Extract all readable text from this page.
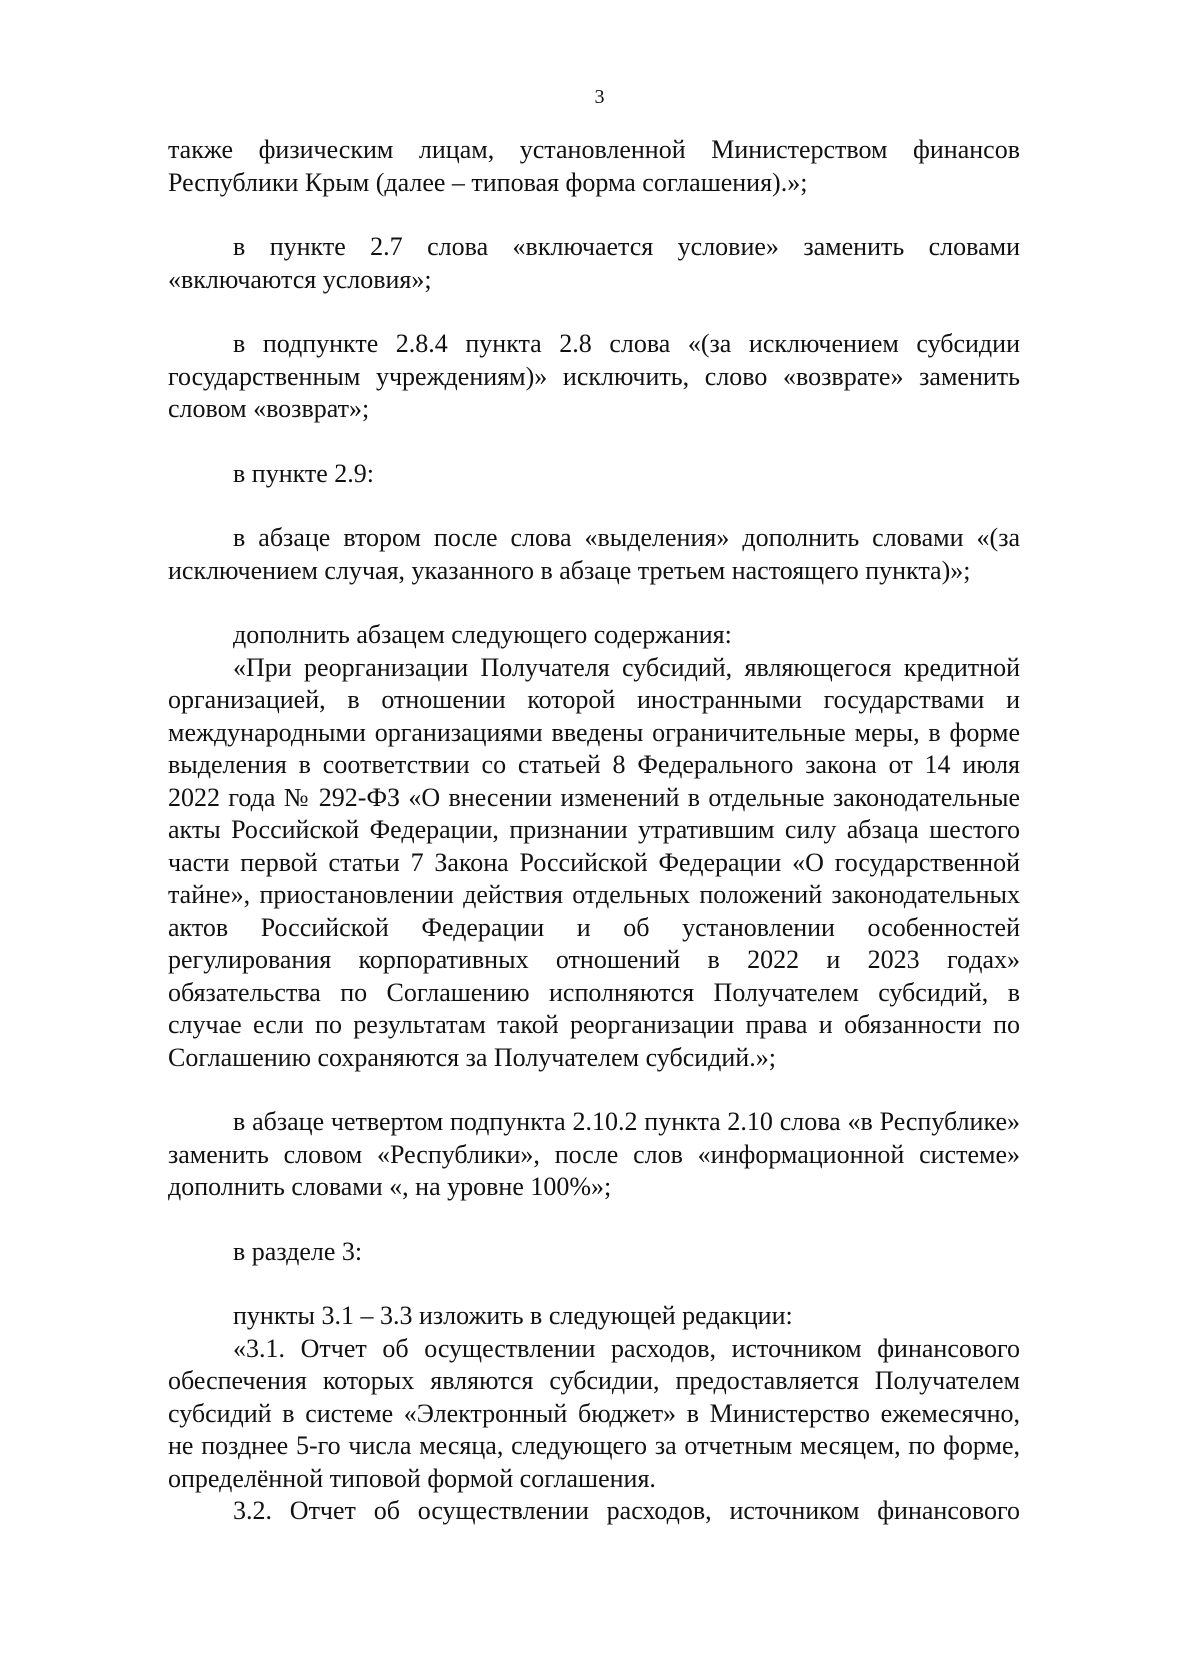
3

также физическим лицам, установленной Министерством финансов Республики Крым (далее – типовая форма соглашения).»;

в пункте 2.7 слова «включается условие» заменить словами «включаются условия»;

в подпункте 2.8.4 пункта 2.8 слова «(за исключением субсидии государственным учреждениям)» исключить, слово «возврате» заменить словом «возврат»;

в пункте 2.9:

в абзаце втором после слова «выделения» дополнить словами «(за исключением случая, указанного в абзаце третьем настоящего пункта)»;

дополнить абзацем следующего содержания:

«При реорганизации Получателя субсидий, являющегося кредитной организацией, в отношении которой иностранными государствами и международными организациями введены ограничительные меры, в форме выделения в соответствии со статьей 8 Федерального закона от 14 июля 2022 года № 292-ФЗ «О внесении изменений в отдельные законодательные акты Российской Федерации, признании утратившим силу абзаца шестого части первой статьи 7 Закона Российской Федерации «О государственной тайне», приостановлении действия отдельных положений законодательных актов Российской Федерации и об установлении особенностей регулирования корпоративных отношений в 2022 и 2023 годах» обязательства по Соглашению исполняются Получателем субсидий, в случае если по результатам такой реорганизации права и обязанности по Соглашению сохраняются за Получателем субсидий.»;

в абзаце четвертом подпункта 2.10.2 пункта 2.10 слова «в Республике» заменить словом «Республики», после слов «информационной системе» дополнить словами «, на уровне 100%»;

в разделе 3:

пункты 3.1 – 3.3 изложить в следующей редакции:

«3.1. Отчет об осуществлении расходов, источником финансового обеспечения которых являются субсидии, предоставляется Получателем субсидий в системе «Электронный бюджет» в Министерство ежемесячно, не позднее 5-го числа месяца, следующего за отчетным месяцем, по форме, определённой типовой формой соглашения.

3.2. Отчет об осуществлении расходов, источником финансового
